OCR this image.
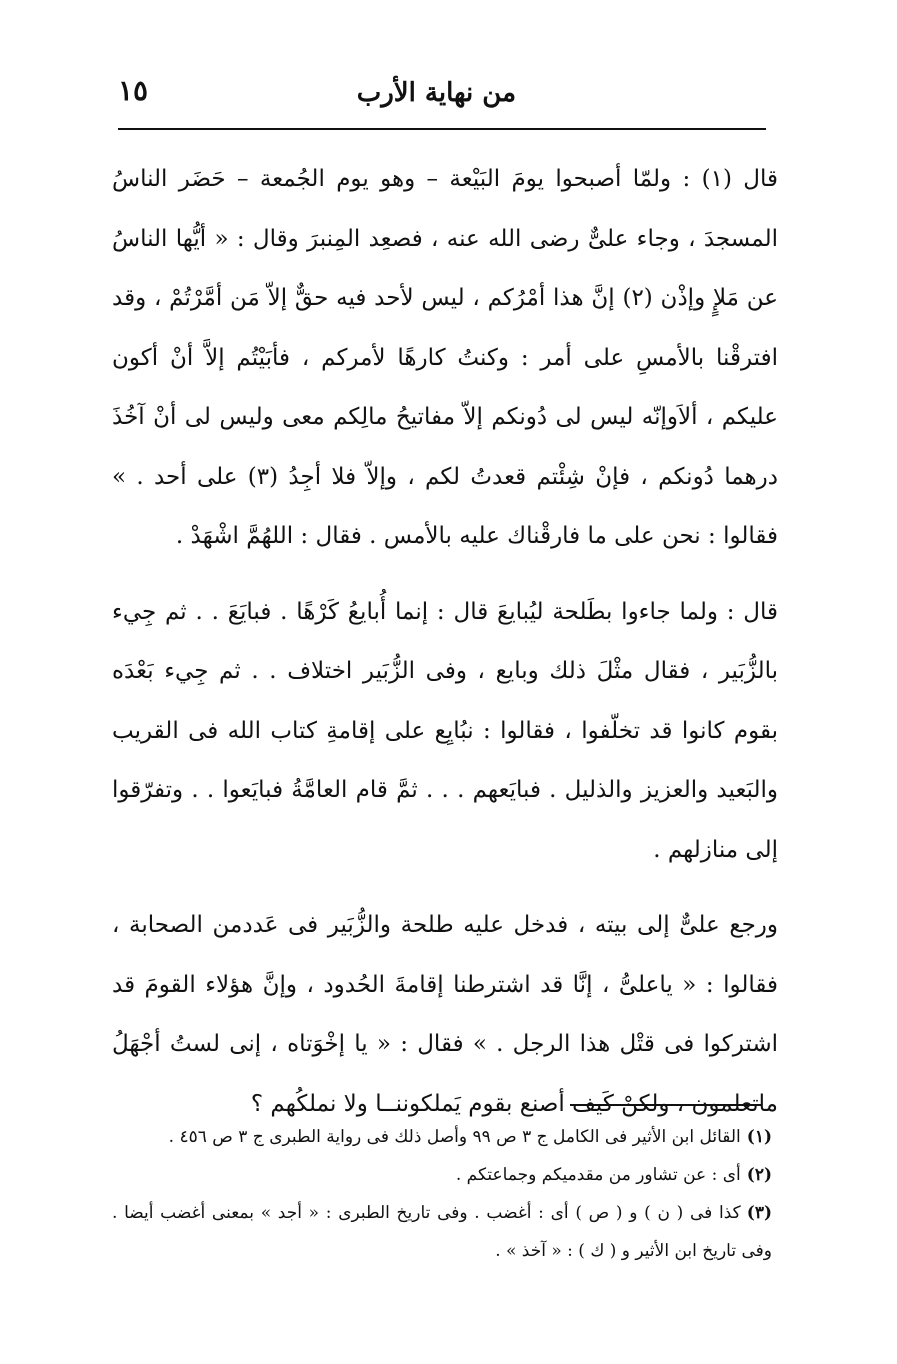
١٥	من نهاية الأرب

قال (١) : ولمّا أصبحوا يومَ البَيْعة – وهو يوم الجُمعة – حَضَر الناسُ المسجدَ ، وجاء علىٌّ رضى الله عنه ، فصعِد المِنبرَ وقال : « أيُّها الناسُ عن مَلإٍ وإذْن (٢) إنَّ هذا أمْرُكم ، ليس لأحد فيه حقٌّ إلاّ مَن أمَّرْتُمْ ، وقد افترقْنا بالأمسِ على أمر : وكنتُ كارهًا لأمركم ، فأبَيْتُم إلاَّ أنْ أكون عليكم ، ألاَوإنّه ليس لى دُونكم إلاّ مفاتيحُ مالِكم معى وليس لى أنْ آخُذَ درهما دُونكم ، فإنْ شِئْتم قعدتُ لكم ، وإلاّ فلا أجِدُ (٣) على أحد . » فقالوا : نحن على ما فارقْناك عليه بالأمس . فقال : اللهُمَّ اشْهَدْ .

قال : ولما جاءوا بطَلحة ليُبايعَ قال : إنما أُبايعُ كَرْهًا . فبايَعَ . . ثم جِيء بالزُّبَير ، فقال مثْلَ ذلك وبايع ، وفى الزُّبَير اختلاف . . ثم جِيء بَعْدَه بقوم كانوا قد تخلّفوا ، فقالوا : نبُايِع على إقامةِ كتاب الله فى القريب والبَعيد والعزيز والذليل . فبايَعهم . . . ثمَّ قام العامَّةُ فبايَعوا . . وتفرّقوا إلى منازلهم .

ورجع علىٌّ إلى بيته ، فدخل عليه طلحة والزُّبَير فى عَددمن الصحابة ، فقالوا : « ياعلىُّ ، إنَّا قد اشترطنا إقامةَ الحُدود ، وإنَّ هؤلاء القومَ قد اشتركوا فى قتْل هذا الرجل . » فقال : « يا إخْوَتاه ، إنى لستُ أجْهَلُ ماتعلمون ، ولكنْ كَيف أصنع بقوم يَملكوننــا ولا نملكُهم ؟

(١)القائل ابن الأثير فى الكامل ج ٣ ص ٩٩ وأصل ذلك فى رواية الطبرى ج ٣ ص ٤٥٦ .

(٢)أى : عن تشاور من مقدميكم وجماعتكم .

(٣)كذا فى ( ن ) و ( ص ) أى : أغضب . وفى تاريخ الطبرى : « أجد » بمعنى أغضب أيضا . وفى تاريخ ابن الأثير و ( ك ) : « آخذ » .
